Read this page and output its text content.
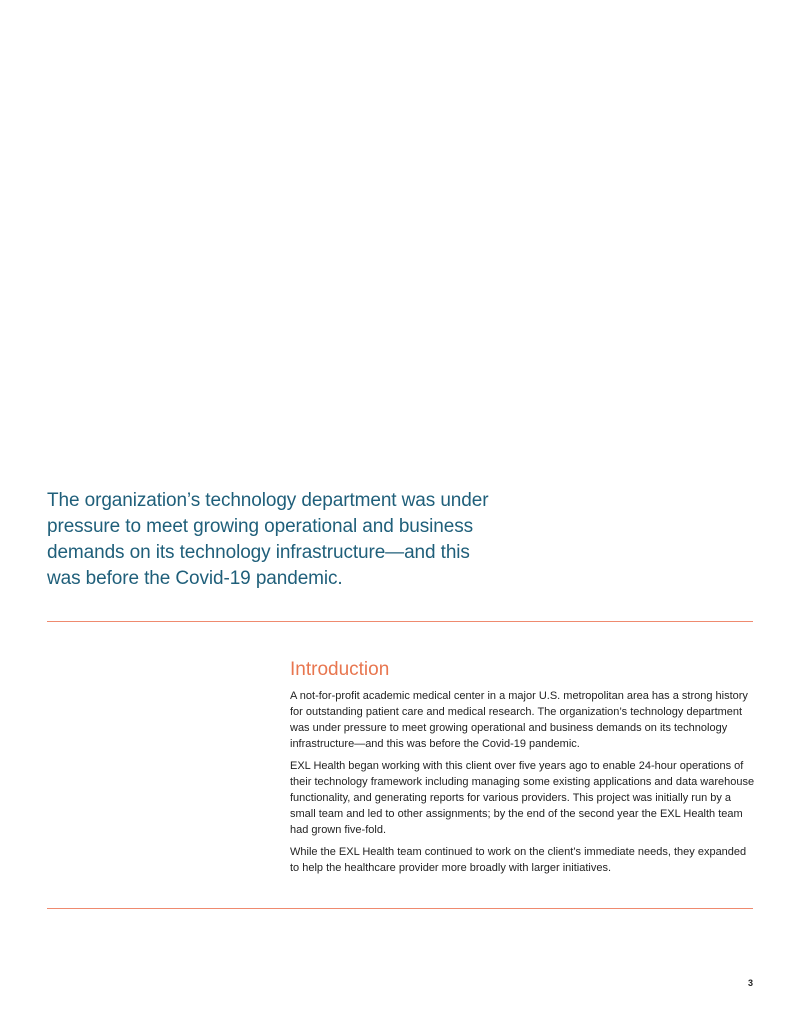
The organization’s technology department was under
pressure to meet growing operational and business
demands on its technology infrastructure—and this
was before the Covid-19 pandemic.
Introduction

A not-for-profit academic medical center in a major U.S. metropolitan area has a strong history for outstanding patient care and medical research. The organization’s technology department was under pressure to meet growing operational and business demands on its technology infrastructure—and this was before the Covid-19 pandemic.

EXL Health began working with this client over five years ago to enable 24-hour operations of their technology framework including managing some existing applications and data warehouse functionality, and generating reports for various providers. This project was initially run by a small team and led to other assignments; by the end of the second year the EXL Health team had grown five-fold.

While the EXL Health team continued to work on the client’s immediate needs, they expanded to help the healthcare provider more broadly with larger initiatives.

3
